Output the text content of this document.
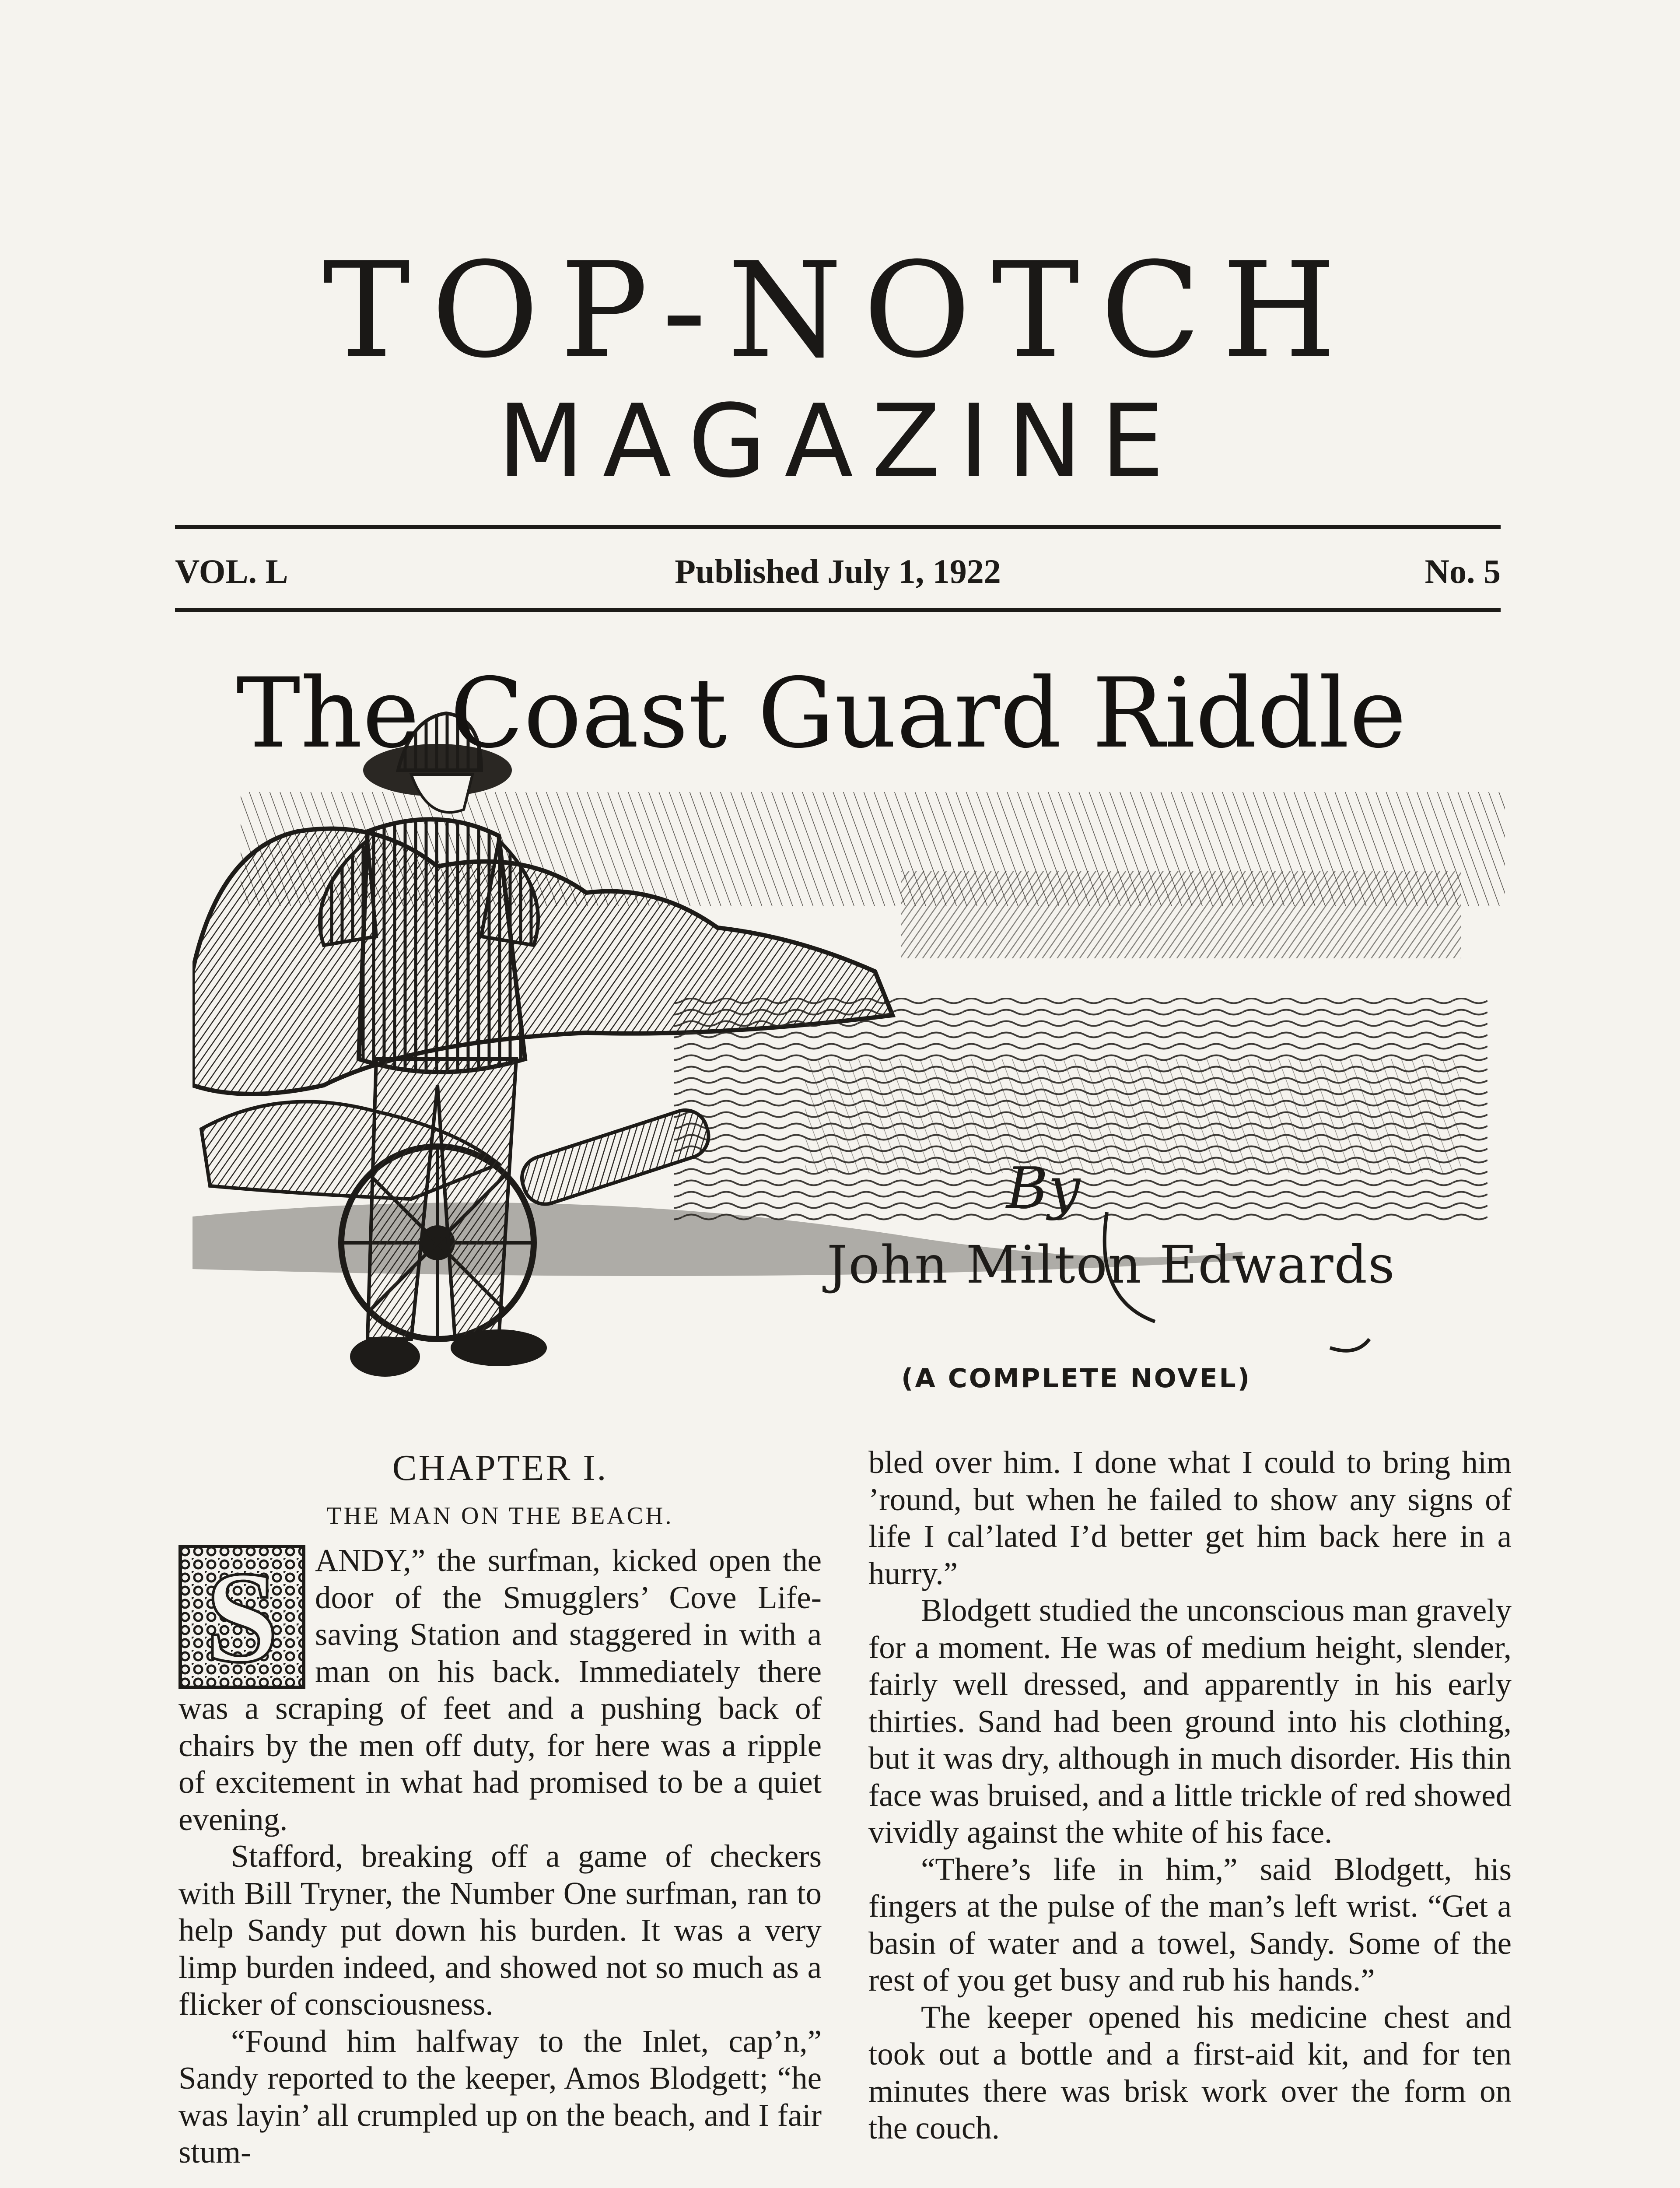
TOP-NOTCH
MAGAZINE
VOL. L	Published July 1, 1922	No. 5
The Coast Guard Riddle
By
John Milton Edwards
(A COMPLETE NOVEL)
CHAPTER I.
THE MAN ON THE BEACH.
S	ANDY,” the surfman, kicked open the door of the Smugglers’ Cove Life-saving Station and staggered in with a man on his back. Immediately there was a scraping of feet and a pushing back of chairs by the men off duty, for here was a ripple of excitement in what had promised to be a quiet evening.

Stafford, breaking off a game of checkers with Bill Tryner, the Number One surfman, ran to help Sandy put down his burden. It was a very limp burden indeed, and showed not so much as a flicker of consciousness.

“Found him halfway to the Inlet, cap’n,” Sandy reported to the keeper, Amos Blodgett; “he was layin’ all crumpled up on the beach, and I fair stum-

bled over him. I done what I could to bring him ’round, but when he failed to show any signs of life I cal’lated I’d better get him back here in a hurry.”

Blodgett studied the unconscious man gravely for a moment. He was of medium height, slender, fairly well dressed, and apparently in his early thirties. Sand had been ground into his clothing, but it was dry, although in much disorder. His thin face was bruised, and a little trickle of red showed vividly against the white of his face.

“There’s life in him,” said Blodgett, his fingers at the pulse of the man’s left wrist. “Get a basin of water and a towel, Sandy. Some of the rest of you get busy and rub his hands.”

The keeper opened his medicine chest and took out a bottle and a first-aid kit, and for ten minutes there was brisk work over the form on the couch.
